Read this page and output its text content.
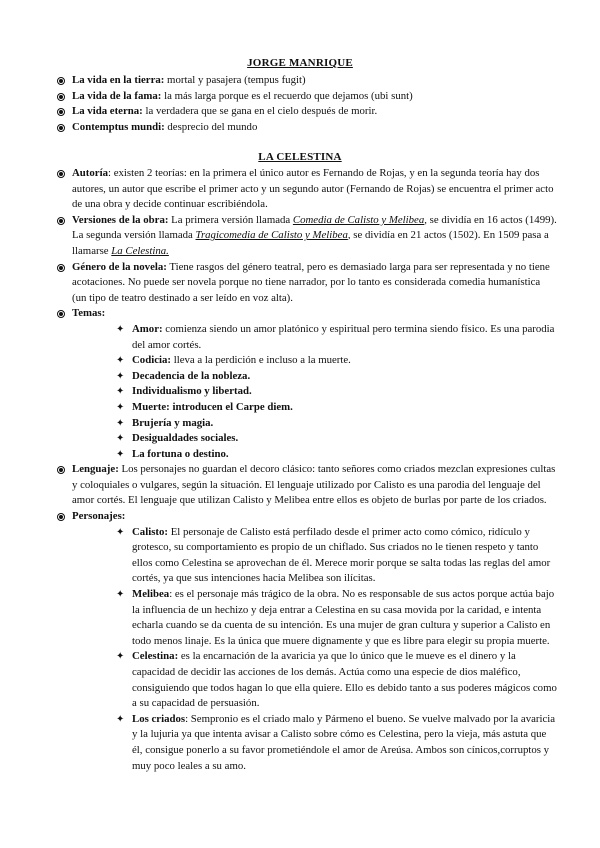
JORGE MANRIQUE
La vida en la tierra: mortal y pasajera (tempus fugit)
La vida de la fama: la más larga porque es el recuerdo que dejamos (ubi sunt)
La vida eterna: la verdadera que se gana en el cielo después de morir.
Contemptus mundi: desprecio del mundo
LA CELESTINA
Autoría: existen 2 teorías: en la primera el único autor es Fernando de Rojas, y en la segunda teoría hay dos autores, un autor que escribe el primer acto y un segundo autor (Fernando de Rojas) se encuentra el primer acto de una obra y decide continuar escribiéndola.
Versiones de la obra: La primera versión llamada Comedia de Calisto y Melibea, se dividía en 16 actos (1499). La segunda versión llamada Tragicomedia de Calisto y Melibea, se dividía en 21 actos (1502). En 1509 pasa a llamarse La Celestina.
Género de la novela: Tiene rasgos del género teatral, pero es demasiado larga para ser representada y no tiene acotaciones. No puede ser novela porque no tiene narrador, por lo tanto es considerada comedia humanística (un tipo de teatro destinado a ser leído en voz alta).
Temas:
✦ Amor: comienza siendo un amor platónico y espiritual pero termina siendo físico. Es una parodia del amor cortés.
✦ Codicia: lleva a la perdición e incluso a la muerte.
✦ Decadencia de la nobleza.
✦ Individualismo y libertad.
✦ Muerte: introducen el Carpe diem.
✦ Brujería y magia.
✦ Desigualdades sociales.
✦ La fortuna o destino.
Lenguaje: Los personajes no guardan el decoro clásico: tanto señores como criados mezclan expresiones cultas y coloquiales o vulgares, según la situación. El lenguaje utilizado por Calisto es una parodia del lenguaje del amor cortés. El lenguaje que utilizan Calisto y Melibea entre ellos es objeto de burlas por parte de los criados.
Personajes:
✦ Calisto: El personaje de Calisto está perfilado desde el primer acto como cómico, ridículo y grotesco, su comportamiento es propio de un chiflado. Sus criados no le tienen respeto y tanto ellos como Celestina se aprovechan de él. Merece morir porque se salta todas las reglas del amor cortés, ya que sus intenciones hacia Melibea son ilícitas.
✦ Melibea: es el personaje más trágico de la obra. No es responsable de sus actos porque actúa bajo la influencia de un hechizo y deja entrar a Celestina en su casa movida por la caridad, e intenta echarla cuando se da cuenta de su intención. Es una mujer de gran cultura y superior a Calisto en todo menos linaje. Es la única que muere dignamente y que es libre para elegir su propia muerte.
✦ Celestina: es la encarnación de la avaricia ya que lo único que le mueve es el dinero y la capacidad de decidir las acciones de los demás. Actúa como una especie de dios maléfico, consiguiendo que todos hagan lo que ella quiere. Ello es debido tanto a sus poderes mágicos como a su capacidad de persuasión.
✦ Los criados: Sempronio es el criado malo y Pármeno el bueno. Se vuelve malvado por la avaricia y la lujuria ya que intenta avisar a Calisto sobre cómo es Celestina, pero la vieja, más astuta que él, consigue ponerlo a su favor prometiéndole el amor de Areúsa. Ambos son cínicos,corruptos y muy poco leales a su amo.
